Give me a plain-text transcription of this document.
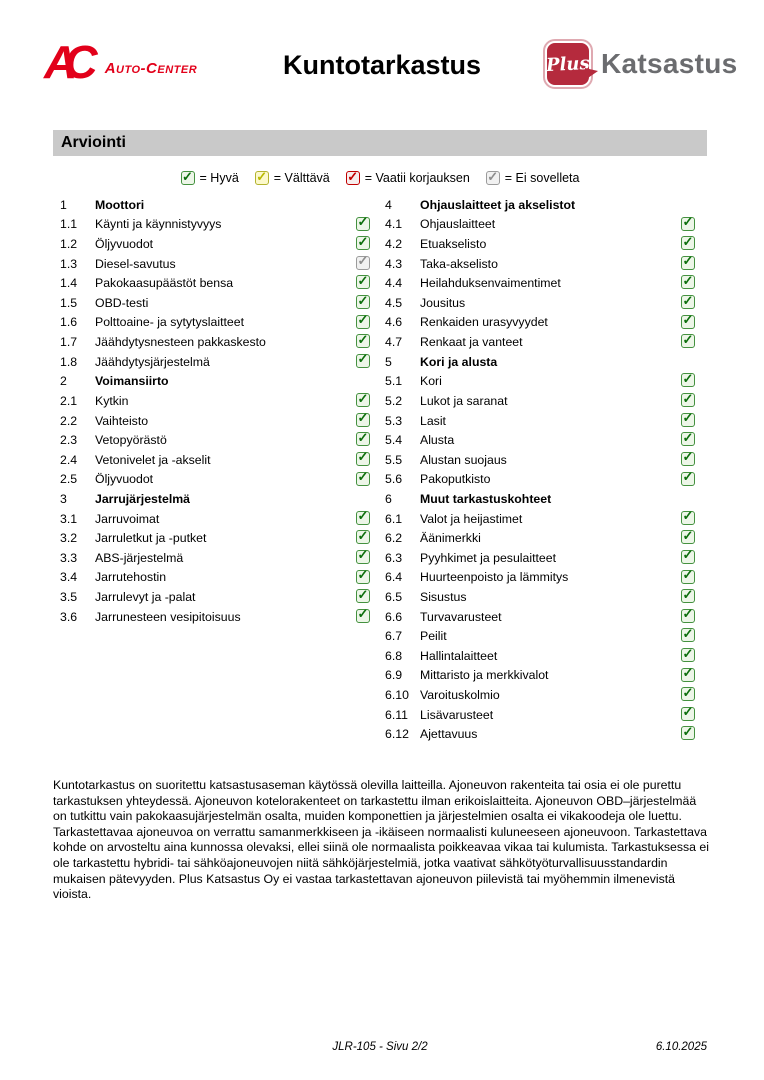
AC	Auto-Center	Kuntotarkastus	Plus Katsastus
Arviointi
✓
= Hyvä ✓	= Välttävä ✓	= Vaatii korjauksen ✓	= Ei sovelleta
1	Moottori
1.1	Käynti ja käynnistyvyys
✓
1.2	Öljyvuodot
✓
1.3	Diesel-savutus
✓
1.4	Pakokaasupäästöt bensa
✓
1.5	OBD-testi
✓
1.6	Polttoaine- ja sytytyslaitteet
✓
1.7	Jäähdytysnesteen pakkaskesto
✓
1.8	Jäähdytysjärjestelmä
✓
2	Voimansiirto
2.1	Kytkin
✓
2.2	Vaihteisto
✓
2.3	Vetopyörästö
✓
2.4	Vetonivelet ja -akselit
✓
2.5	Öljyvuodot
✓
3	Jarrujärjestelmä
3.1	Jarruvoimat
✓
3.2	Jarruletkut ja -putket
✓
3.3	ABS-järjestelmä
✓
3.4	Jarrutehostin
✓
3.5	Jarrulevyt ja -palat
✓
3.6	Jarrunesteen vesipitoisuus
✓
4	Ohjauslaitteet ja akselistot
4.1	Ohjauslaitteet
✓
4.2	Etuakselisto
✓
4.3	Taka-akselisto
✓
4.4	Heilahduksenvaimentimet
✓
4.5	Jousitus
✓
4.6	Renkaiden urasyvyydet
✓
4.7	Renkaat ja vanteet
✓
5	Kori ja alusta
5.1	Kori
✓
5.2	Lukot ja saranat
✓
5.3	Lasit
✓
5.4	Alusta
✓
5.5	Alustan suojaus
✓
5.6	Pakoputkisto
✓
6	Muut tarkastuskohteet
6.1	Valot ja heijastimet
✓
6.2	Äänimerkki
✓
6.3	Pyyhkimet ja pesulaitteet
✓
6.4	Huurteenpoisto ja lämmitys
✓
6.5	Sisustus
✓
6.6	Turvavarusteet
✓
6.7	Peilit
✓
6.8	Hallintalaitteet
✓
6.9	Mittaristo ja merkkivalot
✓
6.10 Varoituskolmio
✓
6.11 Lisävarusteet
✓
6.12 Ajettavuus
✓
Kuntotarkastus on suoritettu katsastusaseman käytössä olevilla laitteilla. Ajoneuvon rakenteita tai osia ei ole purettu tarkastuksen yhteydessä. Ajoneuvon kotelorakenteet on tarkastettu ilman erikoislaitteita. Ajoneuvon OBD–järjestelmää on tutkittu vain pakokaasujärjestelmän osalta, muiden komponettien ja järjestelmien osalta ei vikakoodeja ole luettu. Tarkastettavaa ajoneuvoa on verrattu samanmerkkiseen ja -ikäiseen normaalisti kuluneeseen ajoneuvoon. Tarkastettava kohde on arvosteltu aina kunnossa olevaksi, ellei siinä ole normaalista poikkeavaa vikaa tai kulumista. Tarkastuksessa ei ole tarkastettu hybridi- tai sähköajoneuvojen niitä sähköjärjestelmiä, jotka vaativat sähkötyöturvallisuusstandardin mukaisen pätevyyden. Plus Katsastus Oy ei vastaa tarkastettavan ajoneuvon piilevistä tai myöhemmin ilmenevistä vioista.
JLR-105 - Sivu 2/2	6.10.2025
